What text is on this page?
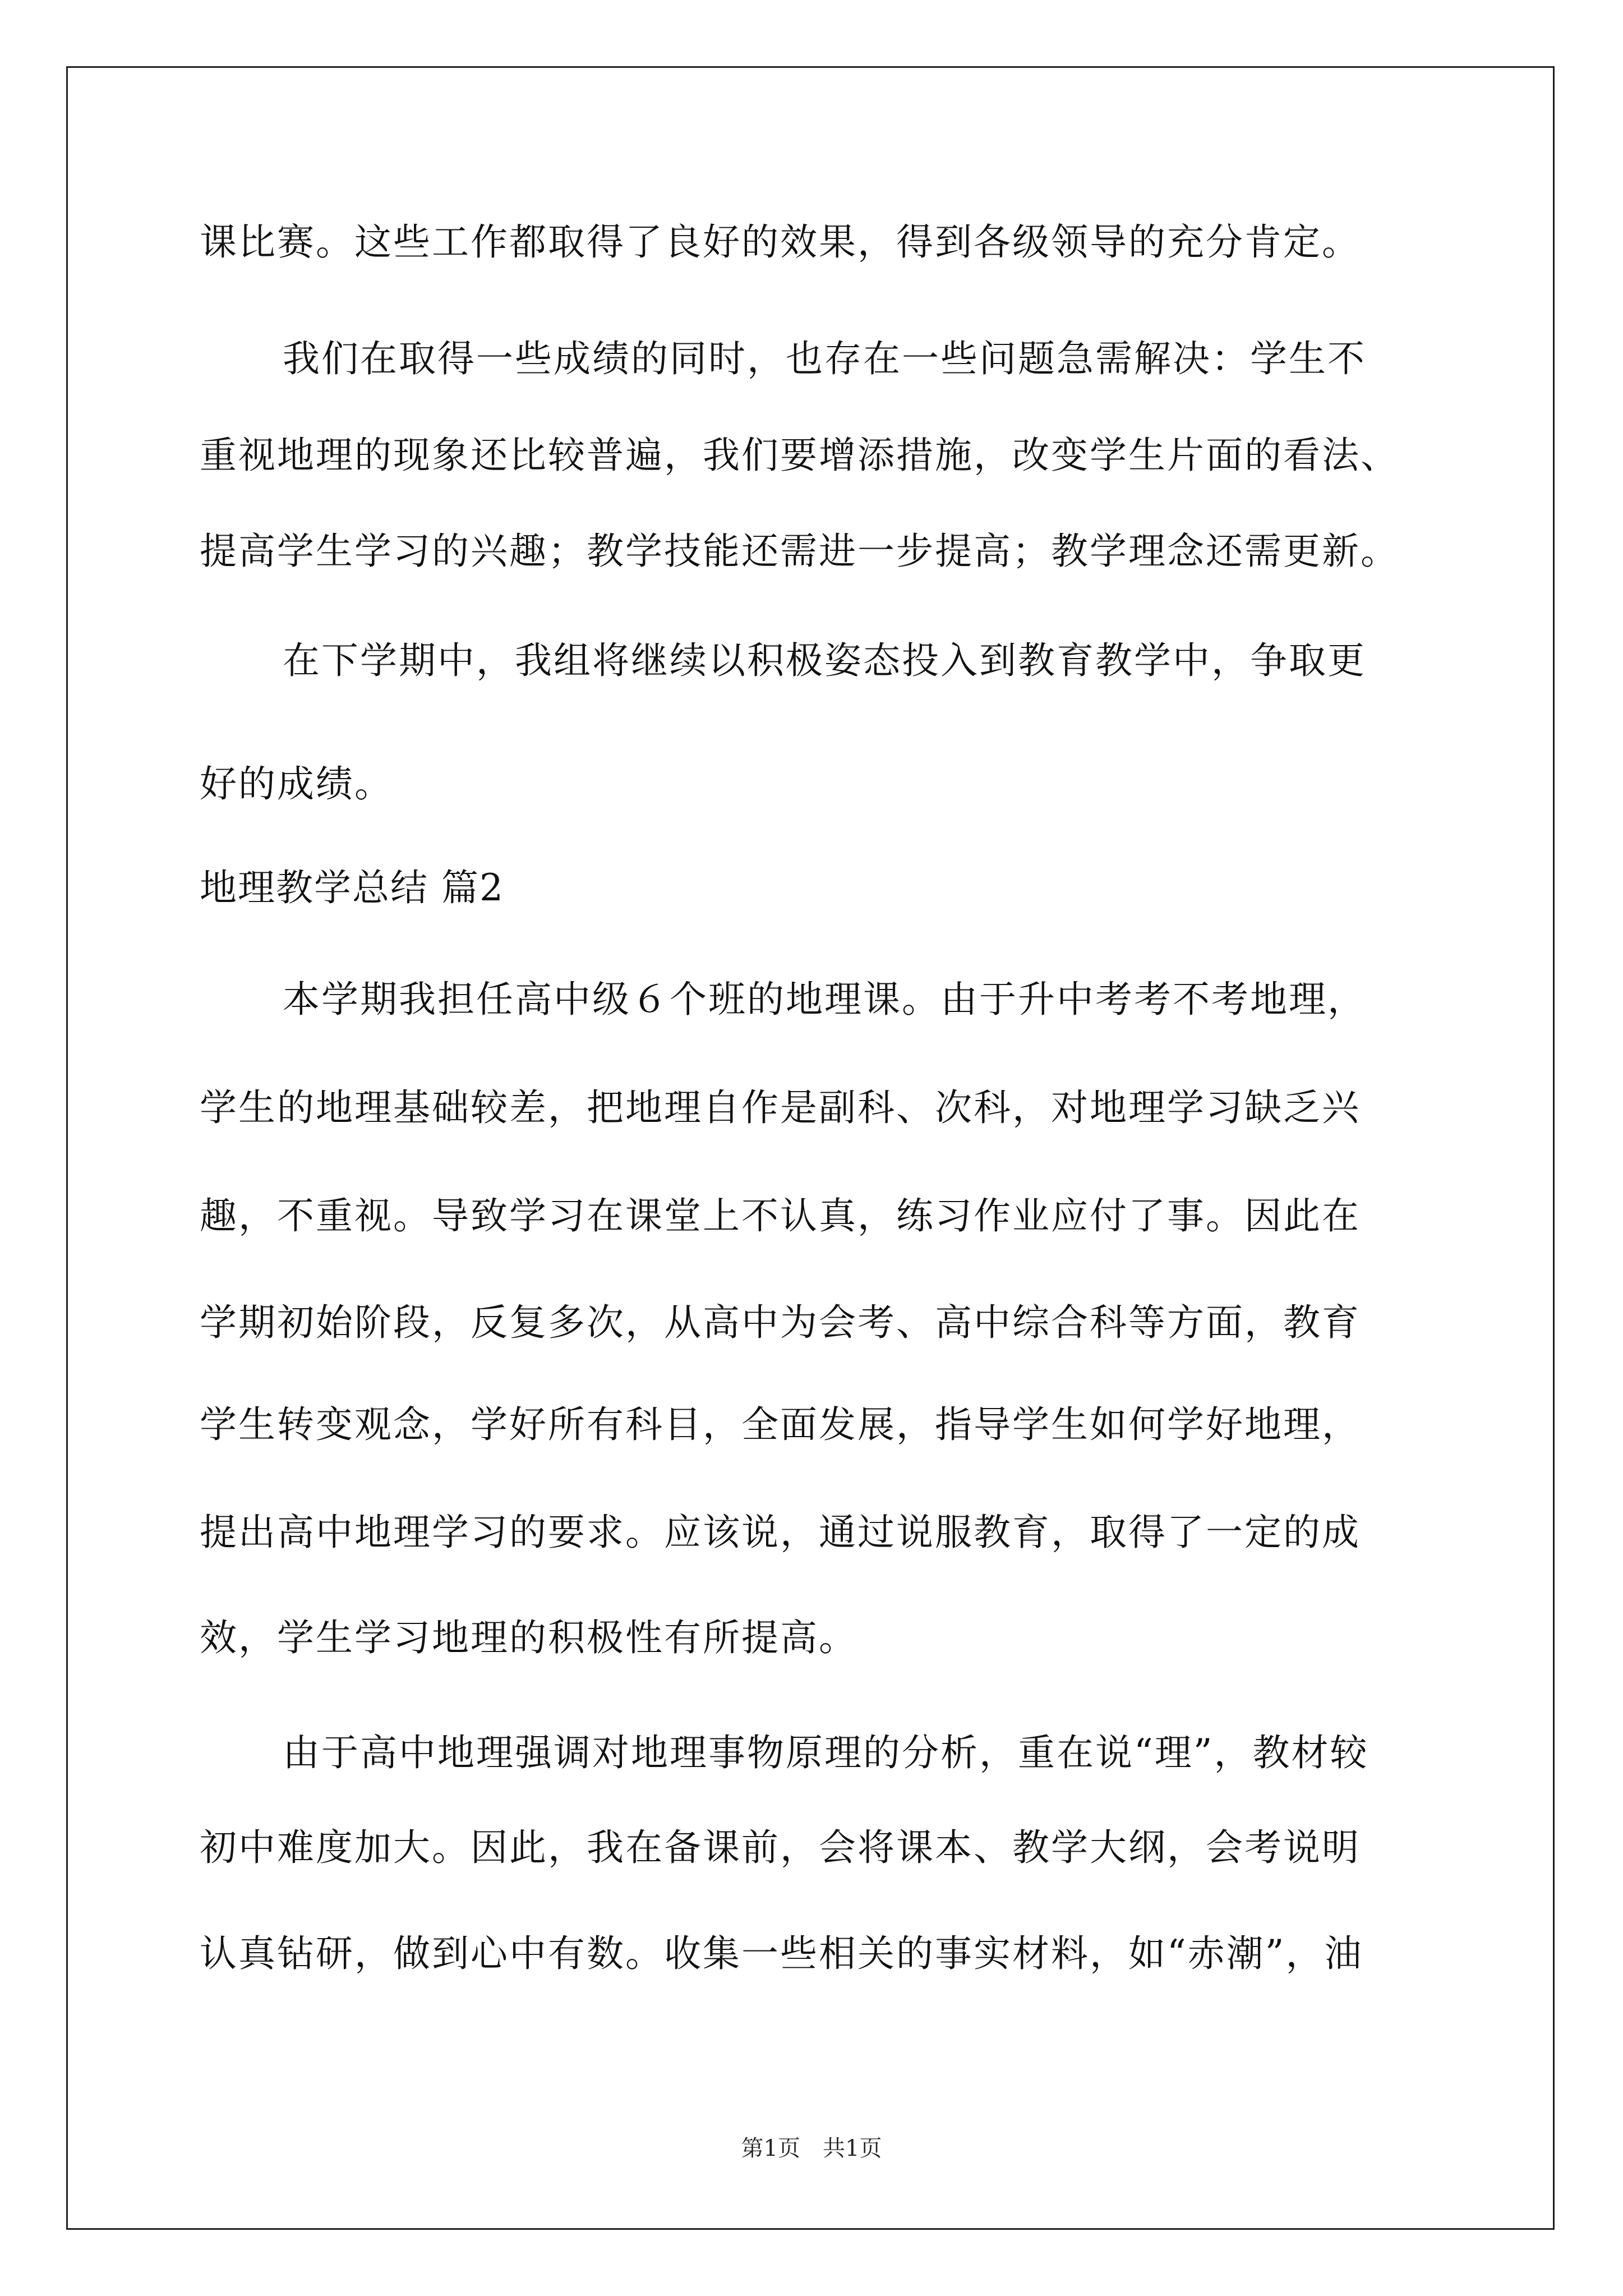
课比赛。这些工作都取得了良好的效果，得到各级领导的充分肯定。
我们在取得一些成绩的同时，也存在一些问题急需解决：学生不
重视地理的现象还比较普遍，我们要增添措施，改变学生片面的看法、
提高学生学习的兴趣；教学技能还需进一步提高；教学理念还需更新。
在下学期中，我组将继续以积极姿态投入到教育教学中，争取更
好的成绩。
地理教学总结 篇2
本学期我担任高中级６个班的地理课。由于升中考考不考地理，
学生的地理基础较差，把地理自作是副科、次科，对地理学习缺乏兴
趣，不重视。导致学习在课堂上不认真，练习作业应付了事。因此在
学期初始阶段，反复多次，从高中为会考、高中综合科等方面，教育
学生转变观念，学好所有科目，全面发展，指导学生如何学好地理，
提出高中地理学习的要求。应该说，通过说服教育，取得了一定的成
效，学生学习地理的积极性有所提高。
由于高中地理强调对地理事物原理的分析，重在说“理”，教材较
初中难度加大。因此，我在备课前，会将课本、教学大纲，会考说明
认真钻研，做到心中有数。收集一些相关的事实材料，如“赤潮”，油
第1页　共1页
